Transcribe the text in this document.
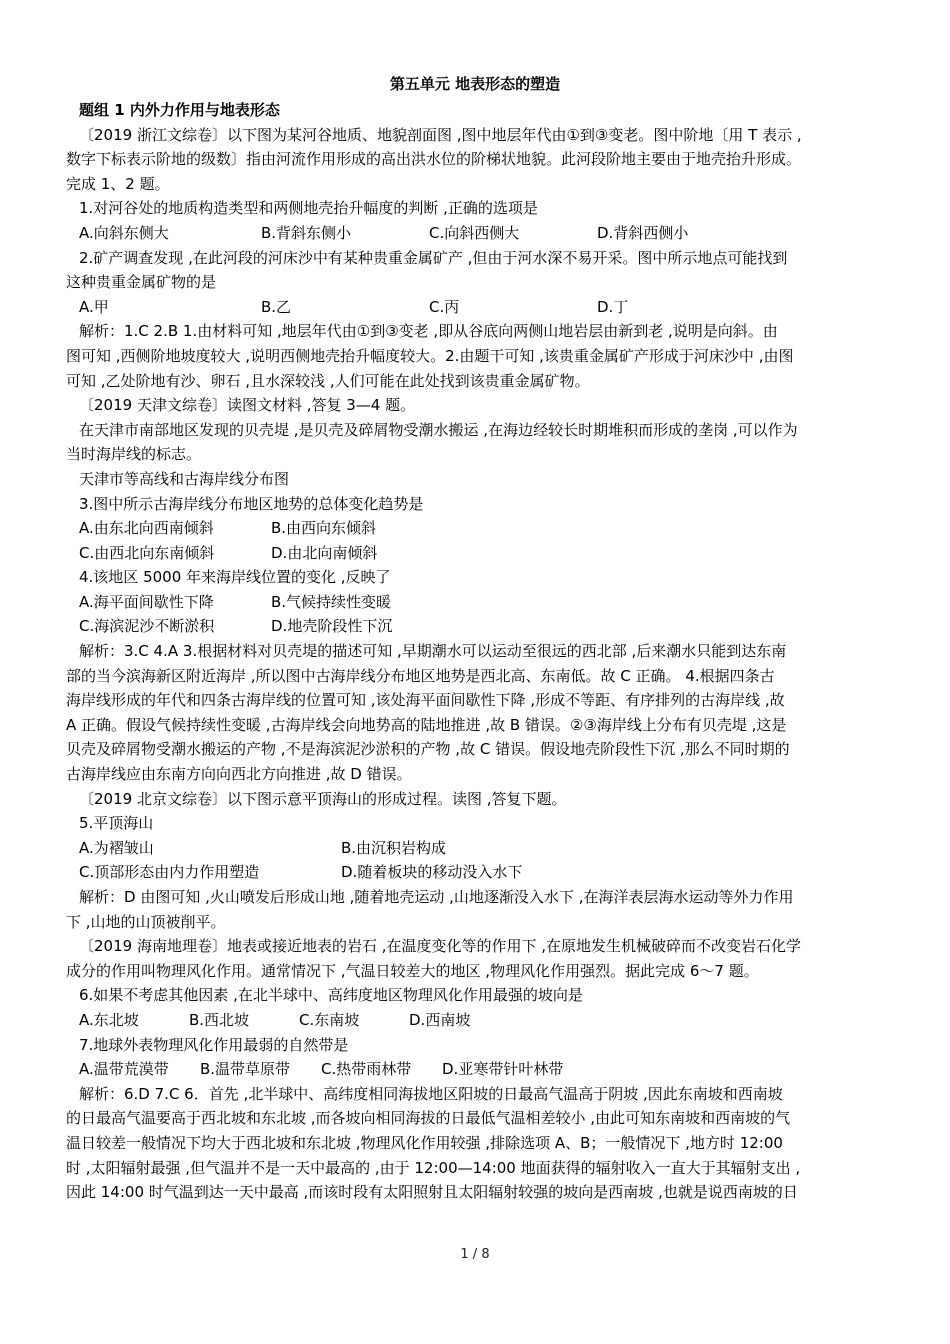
第五单元 地表形态的塑造
题组 1 内外力作用与地表形态
〔2019 浙江文综卷〕以下图为某河谷地质、地貌剖面图 ,图中地层年代由①到③变老。图中阶地〔用 T 表示 ,
数字下标表示阶地的级数〕指由河流作用形成的高出洪水位的阶梯状地貌。此河段阶地主要由于地壳抬升形成。
完成 1、2 题。
1.对河谷处的地质构造类型和两侧地壳抬升幅度的判断 ,正确的选项是
A.向斜东侧大	B.背斜东侧小	C.向斜西侧大	D.背斜西侧小
2.矿产调查发现 ,在此河段的河床沙中有某种贵重金属矿产 ,但由于河水深不易开采。图中所示地点可能找到
这种贵重金属矿物的是
A.甲	B.乙	C.丙	D.丁
解析：1.C 2.B 1.由材料可知 ,地层年代由①到③变老 ,即从谷底向两侧山地岩层由新到老 ,说明是向斜。由
图可知 ,西侧阶地坡度较大 ,说明西侧地壳抬升幅度较大。2.由题干可知 ,该贵重金属矿产形成于河床沙中 ,由图
可知 ,乙处阶地有沙、卵石 ,且水深较浅 ,人们可能在此处找到该贵重金属矿物。
〔2019 天津文综卷〕读图文材料 ,答复 3—4 题。
在天津市南部地区发现的贝壳堤 ,是贝壳及碎屑物受潮水搬运 ,在海边经较长时期堆积而形成的垄岗 ,可以作为
当时海岸线的标志。
天津市等高线和古海岸线分布图
3.图中所示古海岸线分布地区地势的总体变化趋势是
A.由东北向西南倾斜	B.由西向东倾斜
C.由西北向东南倾斜	D.由北向南倾斜
4.该地区 5000 年来海岸线位置的变化 ,反映了
A.海平面间歇性下降	B.气候持续性变暖
C.海滨泥沙不断淤积	D.地壳阶段性下沉
解析：3.C 4.A 3.根据材料对贝壳堤的描述可知 ,早期潮水可以运动至很远的西北部 ,后来潮水只能到达东南
部的当今滨海新区附近海岸 ,所以图中古海岸线分布地区地势是西北高、东南低。故 C 正确。 4.根据四条古
海岸线形成的年代和四条古海岸线的位置可知 ,该处海平面间歇性下降 ,形成不等距、有序排列的古海岸线 ,故
A 正确。假设气候持续性变暖 ,古海岸线会向地势高的陆地推进 ,故 B 错误。②③海岸线上分布有贝壳堤 ,这是
贝壳及碎屑物受潮水搬运的产物 ,不是海滨泥沙淤积的产物 ,故 C 错误。假设地壳阶段性下沉 ,那么不同时期的
古海岸线应由东南方向向西北方向推进 ,故 D 错误。
〔2019 北京文综卷〕以下图示意平顶海山的形成过程。读图 ,答复下题。
5.平顶海山
A.为褶皱山	B.由沉积岩构成
C.顶部形态由内力作用塑造	D.随着板块的移动没入水下
解析：D 由图可知 ,火山喷发后形成山地 ,随着地壳运动 ,山地逐渐没入水下 ,在海洋表层海水运动等外力作用
下 ,山地的山顶被削平。
〔2019 海南地理卷〕地表或接近地表的岩石 ,在温度变化等的作用下 ,在原地发生机械破碎而不改变岩石化学
成分的作用叫物理风化作用。通常情况下 ,气温日较差大的地区 ,物理风化作用强烈。据此完成 6～7 题。
6.如果不考虑其他因素 ,在北半球中、高纬度地区物理风化作用最强的坡向是
A.东北坡	B.西北坡	C.东南坡	D.西南坡
7.地球外表物理风化作用最弱的自然带是
A.温带荒漠带	B.温带草原带	C.热带雨林带	D.亚寒带针叶林带
解析：6.D 7.C 6．首先 ,北半球中、高纬度相同海拔地区阳坡的日最高气温高于阴坡 ,因此东南坡和西南坡
的日最高气温要高于西北坡和东北坡 ,而各坡向相同海拔的日最低气温相差较小 ,由此可知东南坡和西南坡的气
温日较差一般情况下均大于西北坡和东北坡 ,物理风化作用较强 ,排除选项 A、B；一般情况下 ,地方时 12:00
时 ,太阳辐射最强 ,但气温并不是一天中最高的 ,由于 12:00—14:00 地面获得的辐射收入一直大于其辐射支出 ,
因此 14:00 时气温到达一天中最高 ,而该时段有太阳照射且太阳辐射较强的坡向是西南坡 ,也就是说西南坡的日
1 / 8
